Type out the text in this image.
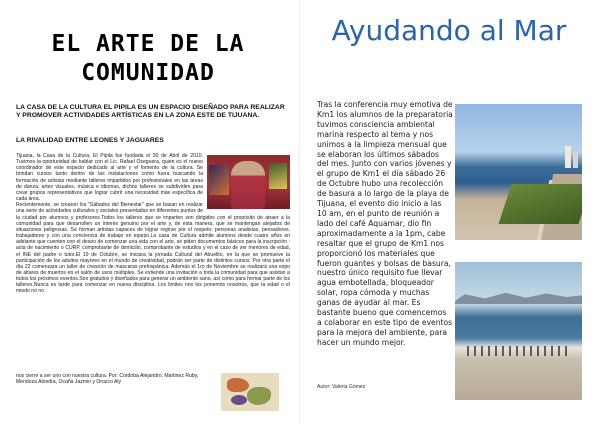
EL ARTE DE LA COMUNIDAD
LA CASA DE LA CULTURA EL PIPILA ES UN ESPACIO DISEÑADO PARA REALIZAR Y PROMOVER ACTIVIDADES ARTÍSTICAS EN LA ZONA ESTE DE TIJUANA.
LA RIVALIDAD ENTRE LEONES Y JAGUARES

Tijuana, la Casa de la Cultura, El Pipila fue fundada el 30 de Abril de 2010. Tuvimos la oportunidad de hablar con el Lic. Rafael Oseguera, quien es el nuevo coordinador de este espacio dedicado al arte y el fomento de la cultura. Se brindan cursos tanto dentro de las instalaciones como fuera buscando la formación de artistas mediante talleres impartidos por profesionales en las áreas de danza, artes visuales, música e idiomas, dichos talleres se subdividen para crear grupos representativos que lograr cubrir una necesidad más específica de cada área.

Recientemente, se crearon los "Sábados del Bienestar" que se basan en realizar una serie de actividades culturales y sociales presentadas en diferentes puntos de la ciudad por alumnos y profesores.Todos los talleres que se imparten son dirigidos con el propósito de atraer a la comunidad para que desarrollen un interés genuino por el arte y, de esta manera, que se mantengan alejados de situaciones peligrosas. Se forman artistas capaces de lograr regirse por el respeto: personas analistas, pensadores, trabajadores y con una conciencia de trabajo en equipo.La casa de Cultura admite alumnos desde cuatro años en adelante que cuenten con el deseo de comenzar una vida con el arte, se piden documentos básicos para la inscripción : acta de nacimiento o CURP, comprobante de domicilio, comprobante de estudios y en el caso de ser menores de edad, el INE del padre o tutor.El 19 de Octubre, se iniciara la jornada Cultural del Abuelito, en la que se promueve la participación de los adultos mayores en el mundo de creatividad, podrán ser parte de distintos cursos. Por otra parte el día 22 comenzara un taller de creación de mascaras prehispánica. Además el 1ro de Noviembre se realizará una expo de altares de muertos en el salón de usos múltiples. Se extiende una invitación a toda la comunidad para que asistan a todos los próximos eventos.Son gratuitos y diseñados para generar un ambiente sano, así como para formar parte de los talleres.Nunca es tarde para comenzar en nueva disciplina. Los limites nos los ponemos nosotros, que la edad o el miedo no no

nos cierre a ser uno con nuestra cultura. Por: Cordoba Alejandro, Martinez Ruby, Mendoza Alondra, Ocaña Jazmin y Orozco Aly
Ayudando al Mar
Tras la conferencia muy emotiva de Km1 los alumnos de la preparatoria tuvimos consciencia ambiental marina respecto al tema y nos unimos a la limpieza mensual que se elaboran los últimos sábados del mes. Junto con varios jóvenes y el grupo de Km1 el día sábado 26 de Octubre hubo una recolección de basura a lo largo de la playa de Tijuana, el evento dio inicio a las 10 am, en el punto de reunión a lado del café Aquamar, dio fin aproximadamente a la 1pm, cabe resaltar que el grupo de Km1 nos proporcionó los materiales que fueron guantes y bolsas de basura, nuestro único requisito fue llevar agua embotellada, bloqueador solar, ropa cómoda y muchas ganas de ayudar al mar. Es bastante bueno que comencemos a colaborar en este tipo de eventos para la mejora del ambiente, para hacer un mundo mejor.
Autor: Valeria Gómez
